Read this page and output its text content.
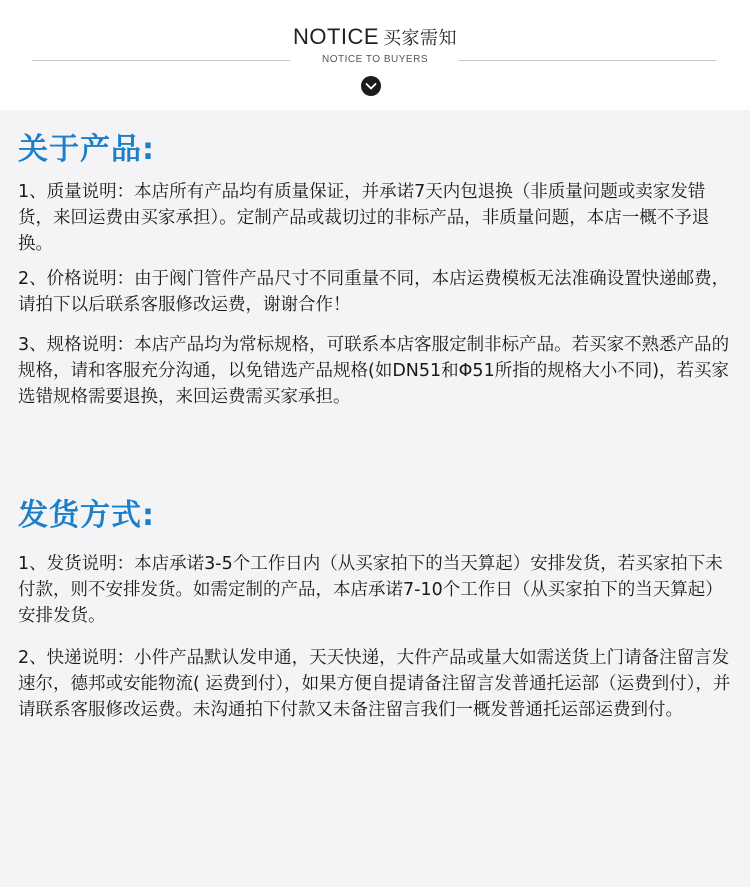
NOTICE 买家需知
NOTICE TO BUYERS
关于产品:
1、质量说明：本店所有产品均有质量保证，并承诺7天内包退换（非质量问题或卖家发错货，来回运费由买家承担）。定制产品或裁切过的非标产品，非质量问题，本店一概不予退换。
2、价格说明：由于阀门管件产品尺寸不同重量不同，本店运费模板无法准确设置快递邮费，请拍下以后联系客服修改运费，谢谢合作！
3、规格说明：本店产品均为常标规格，可联系本店客服定制非标产品。若买家不熟悉产品的规格，请和客服充分沟通，以免错选产品规格(如DN51和Φ51所指的规格大小不同)，若买家选错规格需要退换，来回运费需买家承担。
发货方式:
1、发货说明：本店承诺3-5个工作日内（从买家拍下的当天算起）安排发货，若买家拍下未付款，则不安排发货。如需定制的产品，本店承诺7-10个工作日（从买家拍下的当天算起）安排发货。
2、快递说明：小件产品默认发申通，天天快递，大件产品或量大如需送货上门请备注留言发速尔，德邦或安能物流( 运费到付），如果方便自提请备注留言发普通托运部（运费到付），并请联系客服修改运费。未沟通拍下付款又未备注留言我们一概发普通托运部运费到付。
